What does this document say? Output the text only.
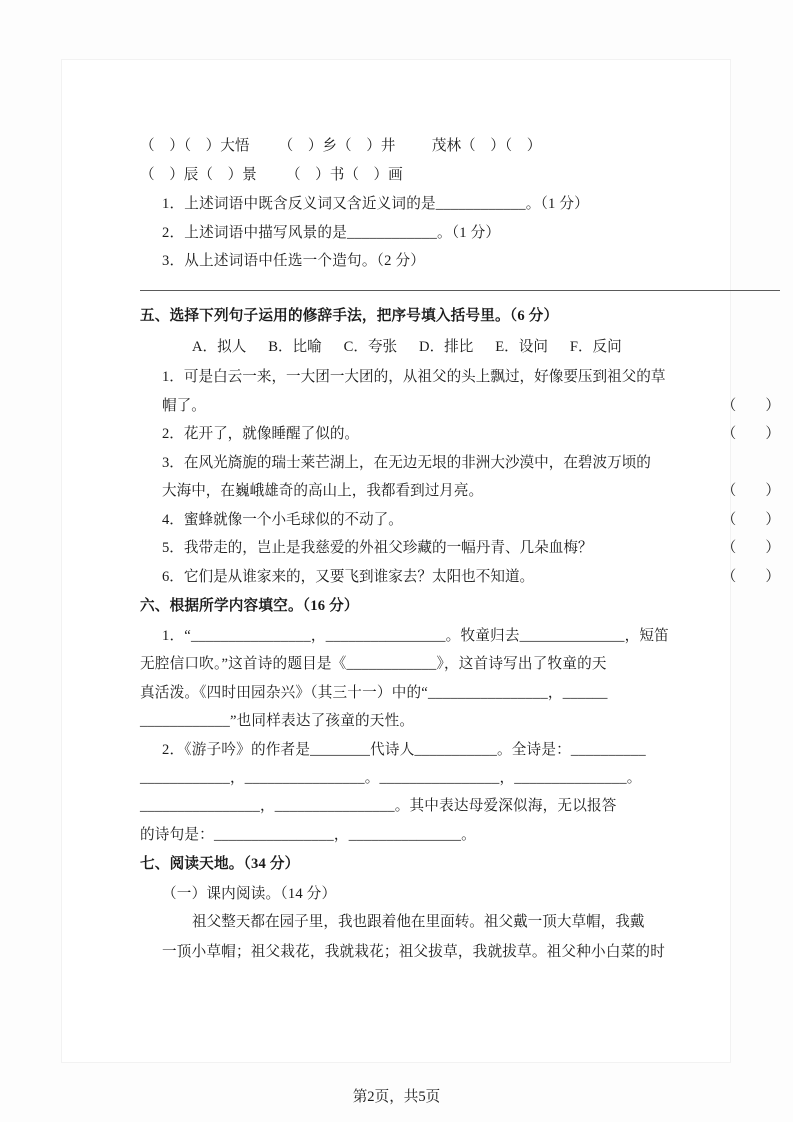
（    ）（    ）大悟        （    ）乡（    ）井          茂林（    ）（    ）
（    ）辰（    ）景        （    ）书（    ）画
1．上述词语中既含反义词又含近义词的是____________。（1 分）
2．上述词语中描写风景的是____________。（1 分）
3．从上述词语中任选一个造句。（2 分）
五、选择下列句子运用的修辞手法，把序号填入括号里。（6 分）
A．拟人      B．比喻      C．夸张      D．排比      E．设问      F．反问
1．可是白云一来，一大团一大团的，从祖父的头上飘过，好像要压到祖父的草
帽了。	（        ）
2．花开了，就像睡醒了似的。	（        ）
3．在风光旖旎的瑞士莱芒湖上，在无边无垠的非洲大沙漠中，在碧波万顷的
大海中，在巍峨雄奇的高山上，我都看到过月亮。	（        ）
4．蜜蜂就像一个小毛球似的不动了。	（        ）
5．我带走的，岂止是我慈爱的外祖父珍藏的一幅丹青、几朵血梅？	（        ）
6．它们是从谁家来的，又要飞到谁家去？太阳也不知道。	（        ）
六、根据所学内容填空。（16 分）
1．“________________，________________。牧童归去______________，短笛
无腔信口吹。”这首诗的题目是《____________》，这首诗写出了牧童的天
真活泼。《四时田园杂兴》（其三十一）中的“________________，______
____________”也同样表达了孩童的天性。
2．《游子吟》的作者是________代诗人___________。全诗是：__________
____________，________________。________________，_______________。
________________，________________。其中表达母爱深似海，无以报答
的诗句是：________________，_______________。
七、阅读天地。（34 分）
（一）课内阅读。（14 分）
祖父整天都在园子里，我也跟着他在里面转。祖父戴一顶大草帽，我戴
一顶小草帽；祖父栽花，我就栽花；祖父拔草，我就拔草。祖父种小白菜的时
第2页，共5页
